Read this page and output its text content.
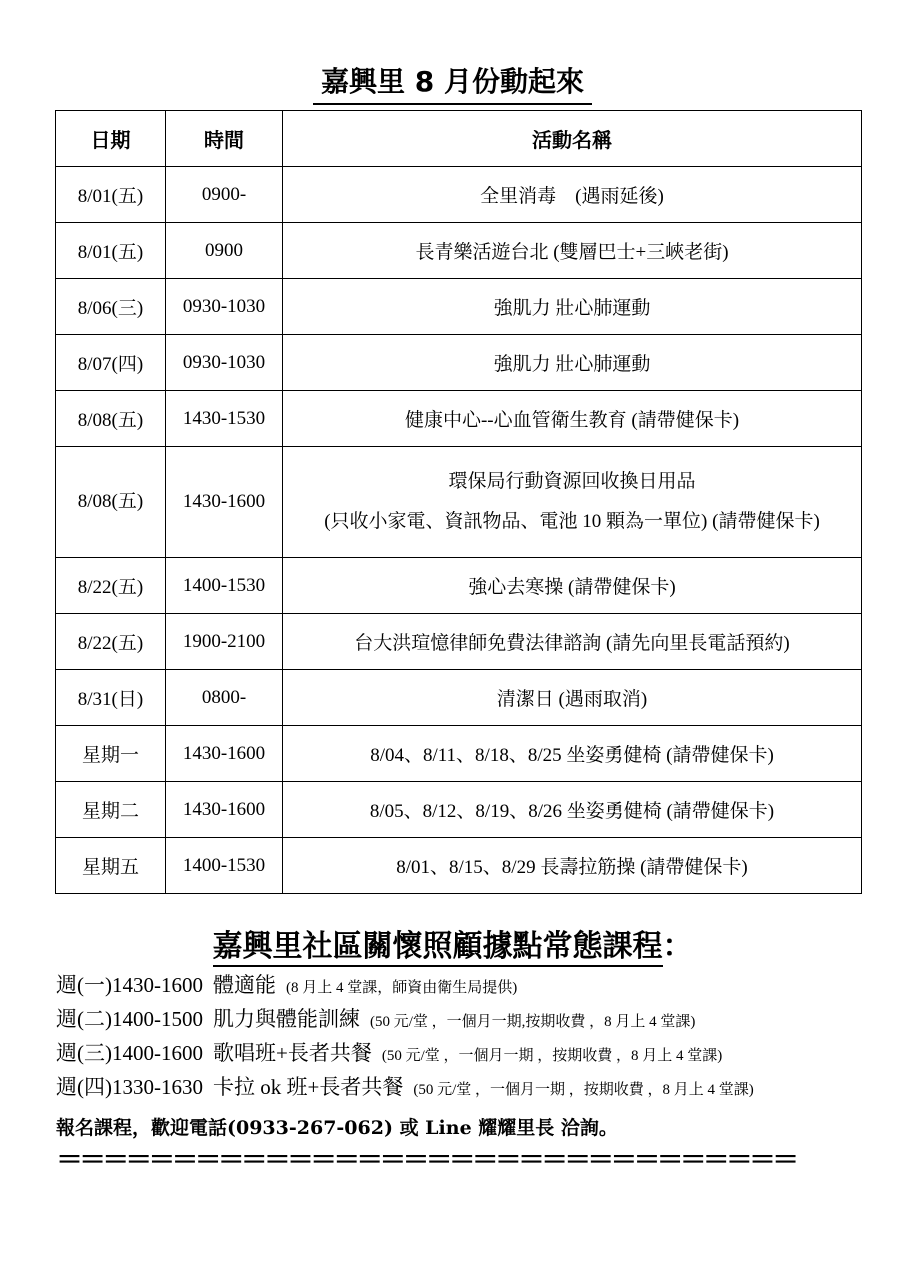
嘉興里 8 月份動起來
日期	時間	活動名稱
8/01(五)	0900-	全里消毒　(遇雨延後)
8/01(五)	0900	長青樂活遊台北 (雙層巴士+三峽老街)
8/06(三)	0930-1030	強肌力 壯心肺運動
8/07(四)	0930-1030	強肌力 壯心肺運動
8/08(五)	1430-1530	健康中心--心血管衛生教育 (請帶健保卡)
8/08(五)	1430-1600	環保局行動資源回收換日用品
(只收小家電、資訊物品、電池 10 顆為一單位) (請帶健保卡)

8/22(五)	1400-1530	強心去寒操 (請帶健保卡)
8/22(五)	1900-2100	台大洪瑄憶律師免費法律諮詢 (請先向里長電話預約)
8/31(日)	0800-	清潔日 (遇雨取消)
星期一	1430-1600	8/04、8/11、8/18、8/25 坐姿勇健椅 (請帶健保卡)
星期二	1430-1600	8/05、8/12、8/19、8/26 坐姿勇健椅 (請帶健保卡)
星期五	1400-1530	8/01、8/15、8/29 長壽拉筋操 (請帶健保卡)
嘉興里社區關懷照顧據點常態課程：
週(一)1430-1600 體適能 (8 月上 4 堂課，師資由衛生局提供)
週(二)1400-1500 肌力與體能訓練 (50 元/堂 ，一個月一期,按期收費 ，8 月上 4 堂課)
週(三)1400-1600 歌唱班+長者共餐 (50 元/堂 ，一個月一期 ，按期收費 ，8 月上 4 堂課)
週(四)1330-1630 卡拉 ok 班+長者共餐 (50 元/堂 ，一個月一期 ，按期收費 ，8 月上 4 堂課)
報名課程，歡迎電話(0933-267-062) 或 Line 耀耀里長 洽詢。
＝＝＝＝＝＝＝＝＝＝＝＝＝＝＝＝＝＝＝＝＝＝＝＝＝＝＝＝＝＝＝＝
